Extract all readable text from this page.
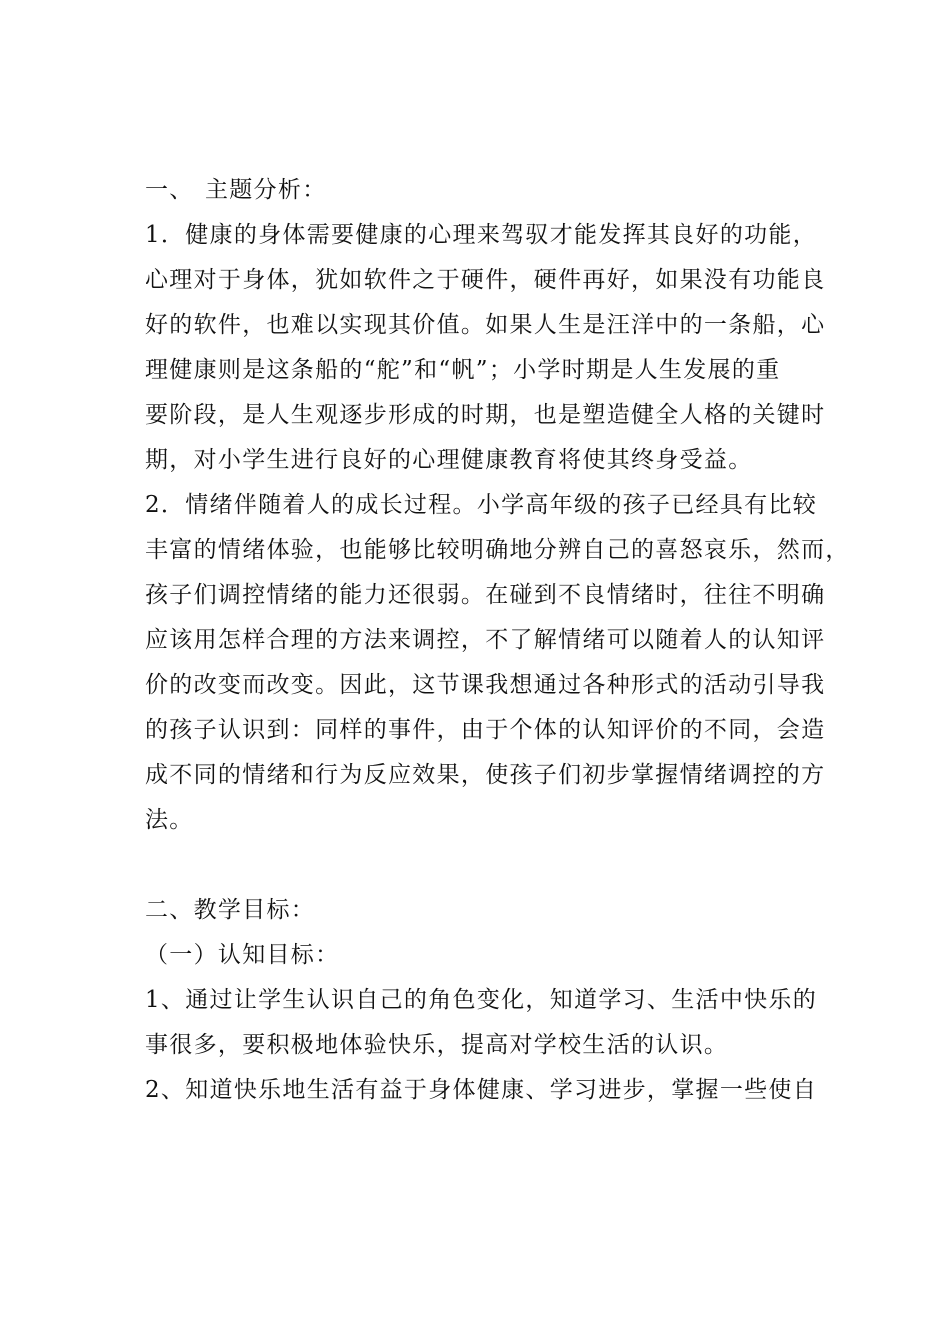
一、 主题分析：
1．健康的身体需要健康的心理来驾驭才能发挥其良好的功能，
心理对于身体，犹如软件之于硬件，硬件再好，如果没有功能良
好的软件，也难以实现其价值。如果人生是汪洋中的一条船，心
理健康则是这条船的“舵”和“帆”；小学时期是人生发展的重
要阶段，是人生观逐步形成的时期，也是塑造健全人格的关键时
期，对小学生进行良好的心理健康教育将使其终身受益。
2．情绪伴随着人的成长过程。小学高年级的孩子已经具有比较
丰富的情绪体验，也能够比较明确地分辨自己的喜怒哀乐，然而，
孩子们调控情绪的能力还很弱。在碰到不良情绪时，往往不明确
应该用怎样合理的方法来调控，不了解情绪可以随着人的认知评
价的改变而改变。因此，这节课我想通过各种形式的活动引导我
的孩子认识到：同样的事件，由于个体的认知评价的不同，会造
成不同的情绪和行为反应效果，使孩子们初步掌握情绪调控的方
法。
二、教学目标：
（一）认知目标：
1、通过让学生认识自己的角色变化，知道学习、生活中快乐的
事很多，要积极地体验快乐，提高对学校生活的认识。
2、知道快乐地生活有益于身体健康、学习进步，掌握一些使自
